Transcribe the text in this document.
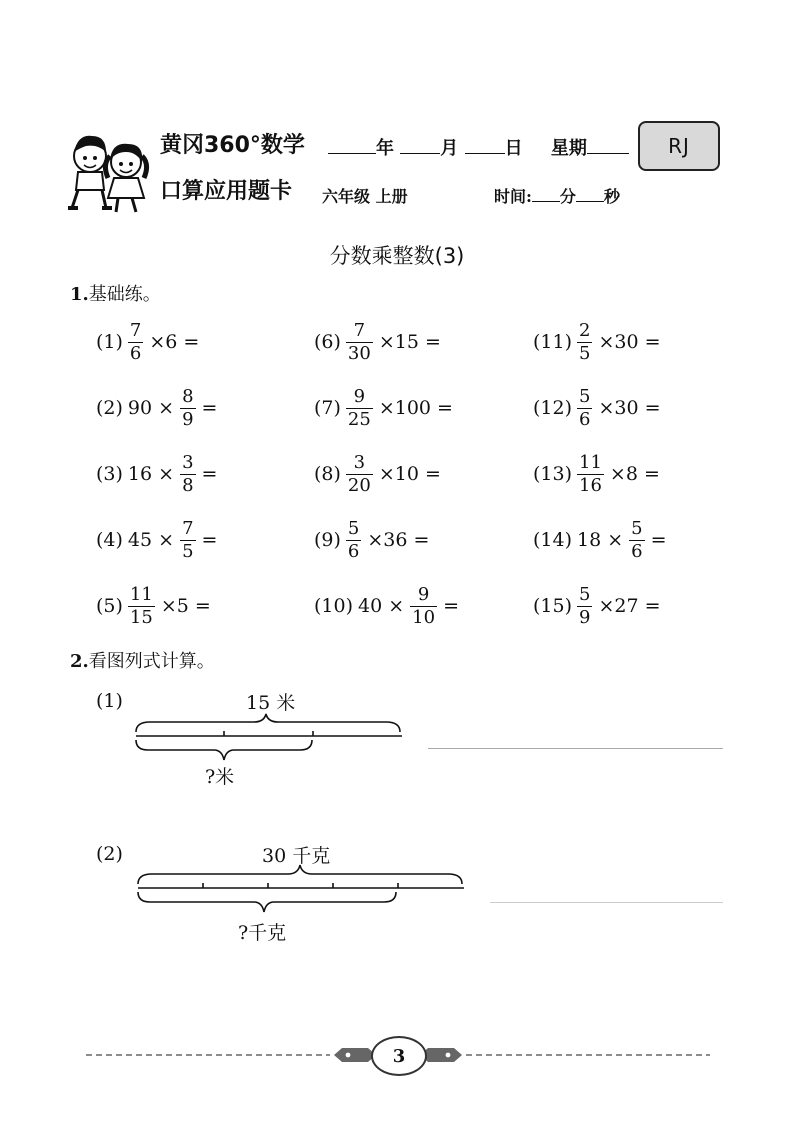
黄冈360°数学
口算应用题卡
年	月	日 星期	RJ
六年级 上册	时间: 分 秒
分数乘整数(3)
1.基础练。
$(1) \frac{7}{6} \times 6$ =
(2) $90 \times \frac{8}{9}$ =
(3) $16 \times \frac{3}{8}$ =
(4) $45 \times \frac{7}{5}$ =
$(5) \frac{11}{15} \times 5$ =
$(6) \frac{7}{30} \times 15$ =
$(7) \frac{9}{25} \times 100$ =
$(8) \frac{3}{20} \times 10$ =
$(9) \frac{5}{6} \times 36$ =
(10) $40 \times \frac{9}{10}$ =
$(11) \frac{2}{5} \times 30$ =
$(12) \frac{5}{6} \times 30$ =
$(13) \frac{11}{16} \times 8$ =
(14) $18 \times \frac{5}{6}$ =
$(15) \frac{5}{9} \times 27$ =
2.看图列式计算。
(1)	15 米
?米
(2)	30 千克
?千克
3
